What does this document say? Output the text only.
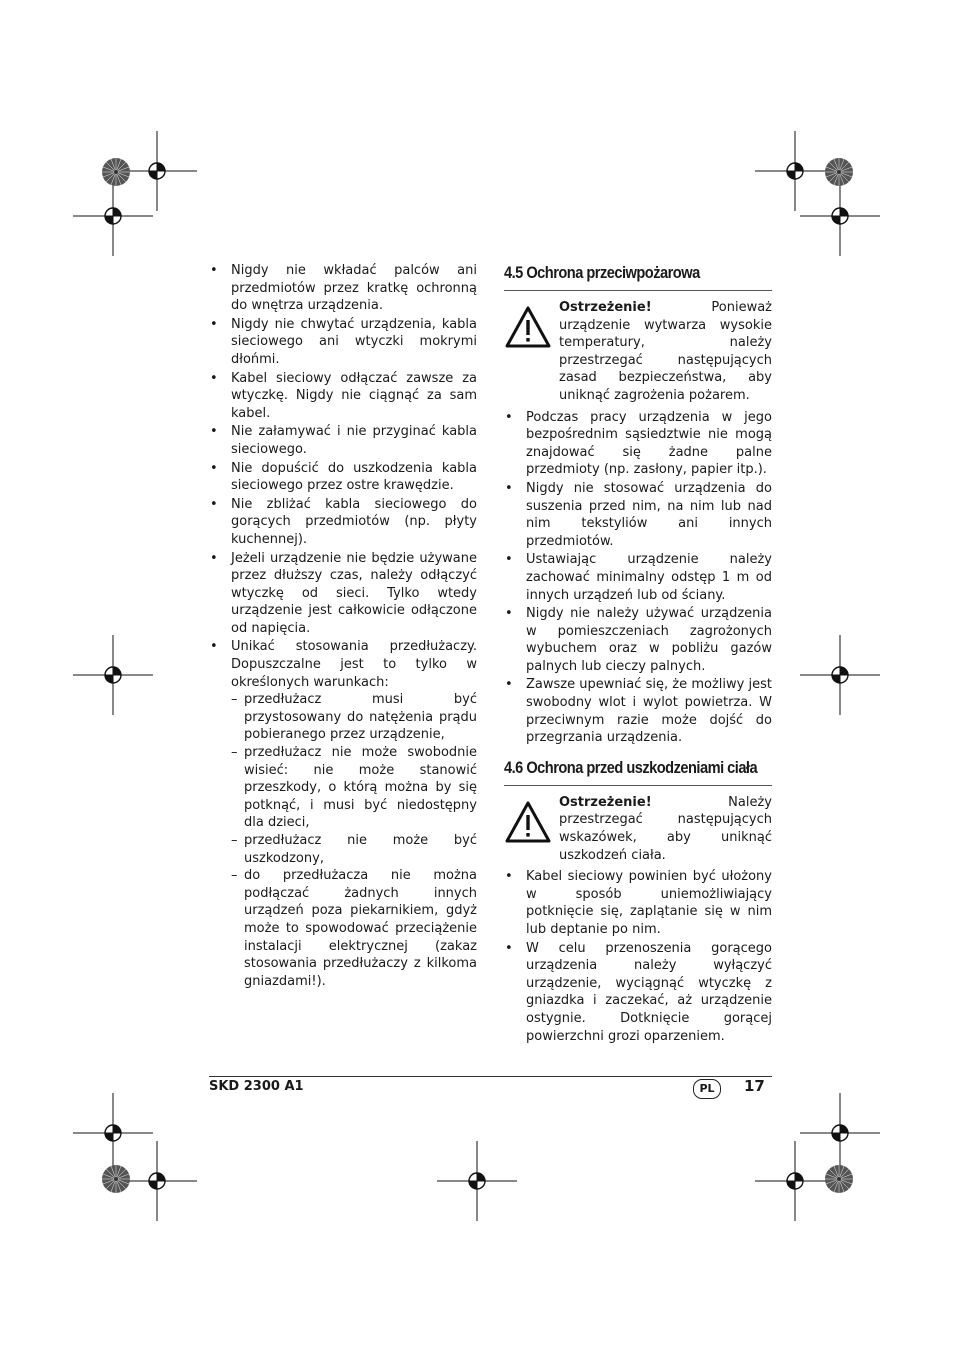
• Nigdy nie wkładać palców ani przedmiotów przez kratkę ochronną do wnętrza urządzenia.
• Nigdy nie chwytać urządzenia, kabla sieciowego ani wtyczki mokrymi dłońmi.
• Kabel sieciowy odłączać zawsze za wtyczkę. Nigdy nie ciągnąć za sam kabel.
• Nie załamywać i nie przyginać kabla sieciowego.
• Nie dopuścić do uszkodzenia kabla sieciowego przez ostre krawędzie.
• Nie zbliżać kabla sieciowego do gorących przedmiotów (np. płyty kuchennej).
• Jeżeli urządzenie nie będzie używane przez dłuższy czas, należy odłączyć wtyczkę od sieci. Tylko wtedy urządzenie jest całkowicie odłączone od napięcia.
• Unikać stosowania przedłużaczy. Dopuszczalne jest to tylko w określonych warunkach:
– przedłużacz musi być przystosowany do natężenia prądu pobieranego przez urządzenie,
– przedłużacz nie może swobodnie wisieć: nie może stanowić przeszkody, o którą można by się potknąć, i musi być niedostępny dla dzieci,
– przedłużacz nie może być uszkodzony,
– do przedłużacza nie można podłączać żadnych innych urządzeń poza piekarnikiem, gdyż może to spowodować przeciążenie instalacji elektrycznej (zakaz stosowania przedłużaczy z kilkoma gniazdami!).
4.5 Ochrona przeciwpożarowa
Ostrzeżenie! Ponieważ urządzenie wytwarza wysokie temperatury, należy przestrzegać następujących zasad bezpieczeństwa, aby uniknąć zagrożenia pożarem.
• Podczas pracy urządzenia w jego bezpośrednim sąsiedztwie nie mogą znajdować się żadne palne przedmioty (np. zasłony, papier itp.).
• Nigdy nie stosować urządzenia do suszenia przed nim, na nim lub nad nim tekstyliów ani innych przedmiotów.
• Ustawiając urządzenie należy zachować minimalny odstęp 1 m od innych urządzeń lub od ściany.
• Nigdy nie należy używać urządzenia w pomieszczeniach zagrożonych wybuchem oraz w pobliżu gazów palnych lub cieczy palnych.
• Zawsze upewniać się, że możliwy jest swobodny wlot i wylot powietrza. W przeciwnym razie może dojść do przegrzania urządzenia.
4.6 Ochrona przed uszkodzeniami ciała
Ostrzeżenie! Należy przestrzegać następujących wskazówek, aby uniknąć uszkodzeń ciała.
• Kabel sieciowy powinien być ułożony w sposób uniemożliwiający potknięcie się, zaplątanie się w nim lub deptanie po nim.
• W celu przenoszenia gorącego urządzenia należy wyłączyć urządzenie, wyciągnąć wtyczkę z gniazdka i zaczekać, aż urządzenie ostygnie. Dotknięcie gorącej powierzchni grozi oparzeniem.
SKD 2300 A1	PL	17
